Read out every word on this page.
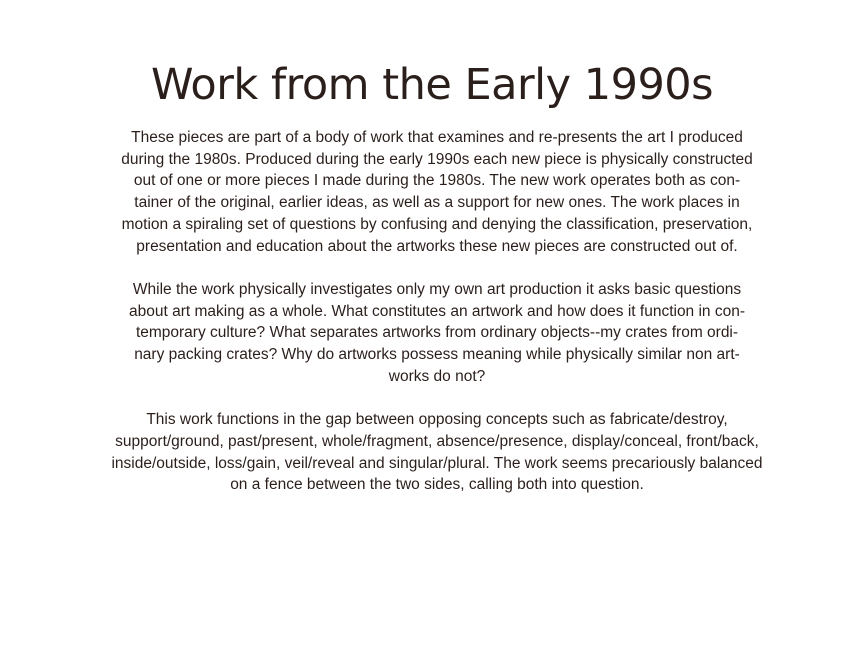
Work from the Early 1990s

These pieces are part of a body of work that examines and re-presents the art I produced
during the 1980s. Produced during the early 1990s each new piece is physically constructed
out of one or more pieces I made during the 1980s. The new work operates both as con-
tainer of the original, earlier ideas, as well as a support for new ones. The work places in
motion a spiraling set of questions by confusing and denying the classification, preservation,
presentation and education about the artworks these new pieces are constructed out of.

While the work physically investigates only my own art production it asks basic questions
about art making as a whole. What constitutes an artwork and how does it function in con-
temporary culture? What separates artworks from ordinary objects--my crates from ordi-
nary packing crates? Why do artworks possess meaning while physically similar non art-
works do not?

This work functions in the gap between opposing concepts such as fabricate/destroy,
support/ground, past/present, whole/fragment, absence/presence, display/conceal, front/back,
inside/outside, loss/gain, veil/reveal and singular/plural. The work seems precariously balanced
on a fence between the two sides, calling both into question.
